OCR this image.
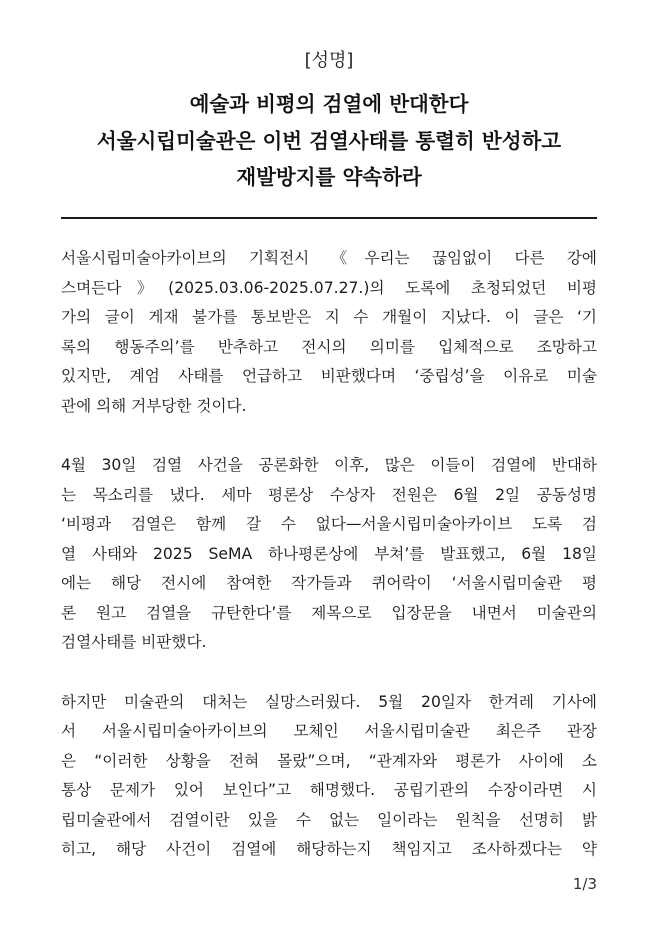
[성명]
예술과 비평의 검열에 반대한다
서울시립미술관은 이번 검열사태를 통렬히 반성하고
재발방지를 약속하라

서울시립미술아카이브의 기획전시 《우리는 끊임없이 다른 강에
스며든다》(2025.03.06-2025.07.27.)의 도록에 초청되었던 비평
가의 글이 게재 불가를 통보받은 지 수 개월이 지났다. 이 글은 ‘기
록의 행동주의’를 반추하고 전시의 의미를 입체적으로 조망하고
있지만, 계엄 사태를 언급하고 비판했다며 ‘중립성’을 이유로 미술
관에 의해 거부당한 것이다.

4월 30일 검열 사건을 공론화한 이후, 많은 이들이 검열에 반대하
는 목소리를 냈다. 세마 평론상 수상자 전원은 6월 2일 공동성명
‘비평과 검열은 함께 갈 수 없다—서울시립미술아카이브 도록 검
열 사태와 2025 SeMA 하나평론상에 부쳐’를 발표했고, 6월 18일
에는 해당 전시에 참여한 작가들과 퀴어락이 ‘서울시립미술관 평
론 원고 검열을 규탄한다’를 제목으로 입장문을 내면서 미술관의
검열사태를 비판했다.

하지만 미술관의 대처는 실망스러웠다. 5월 20일자 한겨레 기사에
서 서울시립미술아카이브의 모체인 서울시립미술관 최은주 관장
은 “이러한 상황을 전혀 몰랐”으며, “관계자와 평론가 사이에 소
통상 문제가 있어 보인다”고 해명했다. 공립기관의 수장이라면 시
립미술관에서 검열이란 있을 수 없는 일이라는 원칙을 선명히 밝
히고, 해당 사건이 검열에 해당하는지 책임지고 조사하겠다는 약

1/3
